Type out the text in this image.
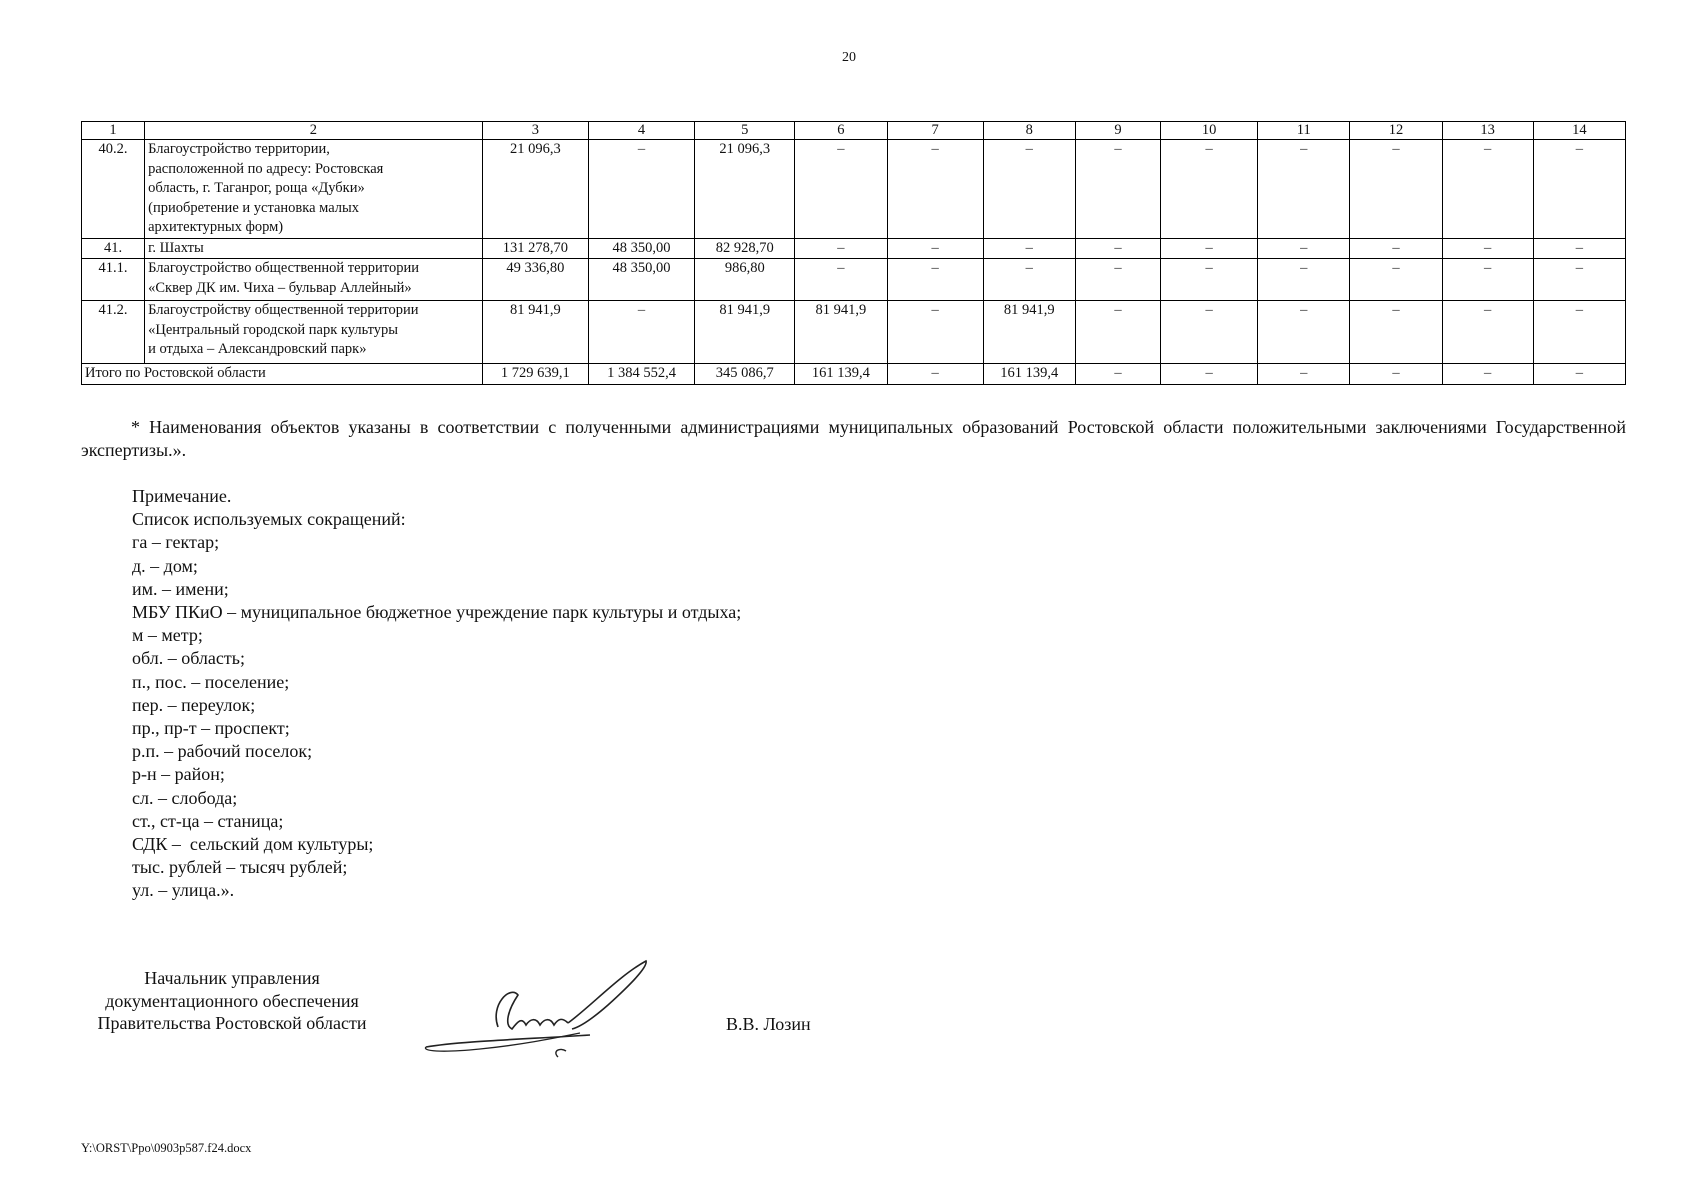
20
1	2	3	4	5	6	7	8	9	10	11	12	13	14
40.2.	Благоустройство территории,
расположенной по адресу: Ростовская
область, г. Таганрог, роща «Дубки»
(приобретение и установка малых
архитектурных форм)	21 096,3	–	21 096,3	–	–	–	–	–	–	–	–	–
41.	г. Шахты	131 278,70	48 350,00	82 928,70	–	–	–	–	–	–	–	–	–
41.1.	Благоустройство общественной территории
«Сквер ДК им. Чиха – бульвар Аллейный»	49 336,80	48 350,00	986,80	–	–	–	–	–	–	–	–	–
41.2.	Благоустройству общественной территории
«Центральный городской парк культуры
и отдыха – Александровский парк»	81 941,9	–	81 941,9	81 941,9	–	81 941,9	–	–	–	–	–	–
Итого по Ростовской области		1 729 639,1	1 384 552,4	345 086,7	161 139,4	–	161 139,4	–	–	–	–	–	–
* Наименования объектов указаны в соответствии с полученными администрациями муниципальных образований Ростовской области положительными заключениями Государственной экспертизы.».
Примечание.
Список используемых сокращений:
га – гектар;
д. – дом;
им. – имени;
МБУ ПКиО – муниципальное бюджетное учреждение парк культуры и отдыха;
м – метр;
обл. – область;
п., пос. – поселение;
пер. – переулок;
пр., пр-т – проспект;
р.п. – рабочий поселок;
р-н – район;
сл. – слобода;
ст., ст-ца – станица;
СДК –  сельский дом культуры;
тыс. рублей – тысяч рублей;
ул. – улица.».
Начальник управления
документационного обеспечения
Правительства Ростовской области	В.В. Лозин
Y:\ORST\Ppo\0903p587.f24.docx
